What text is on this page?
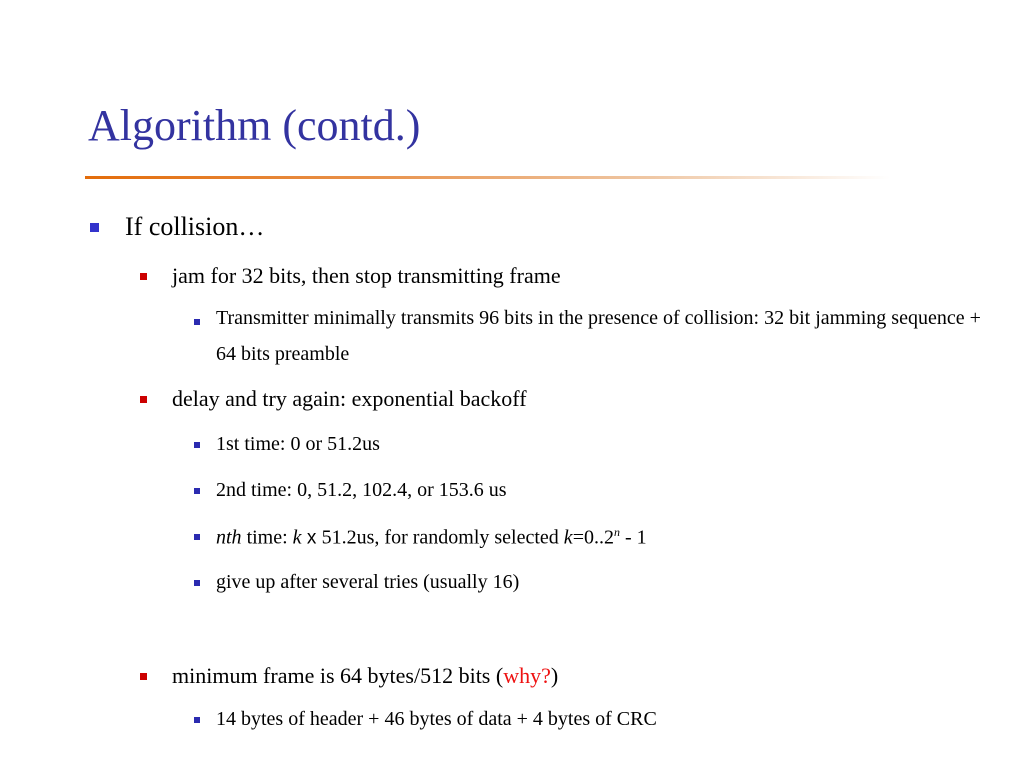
Algorithm (contd.)
If collision…
jam for 32 bits, then stop transmitting frame
Transmitter minimally transmits 96 bits in the presence of collision: 32 bit jamming sequence + 64 bits preamble
delay and try again: exponential backoff
1st time: 0 or 51.2us
2nd time: 0, 51.2, 102.4, or 153.6 us
nth time: k x 51.2us, for randomly selected $k=0..2^n - 1$
give up after several tries (usually 16)
minimum frame is 64 bytes/512 bits (why?)
14 bytes of header + 46 bytes of data + 4 bytes of CRC
